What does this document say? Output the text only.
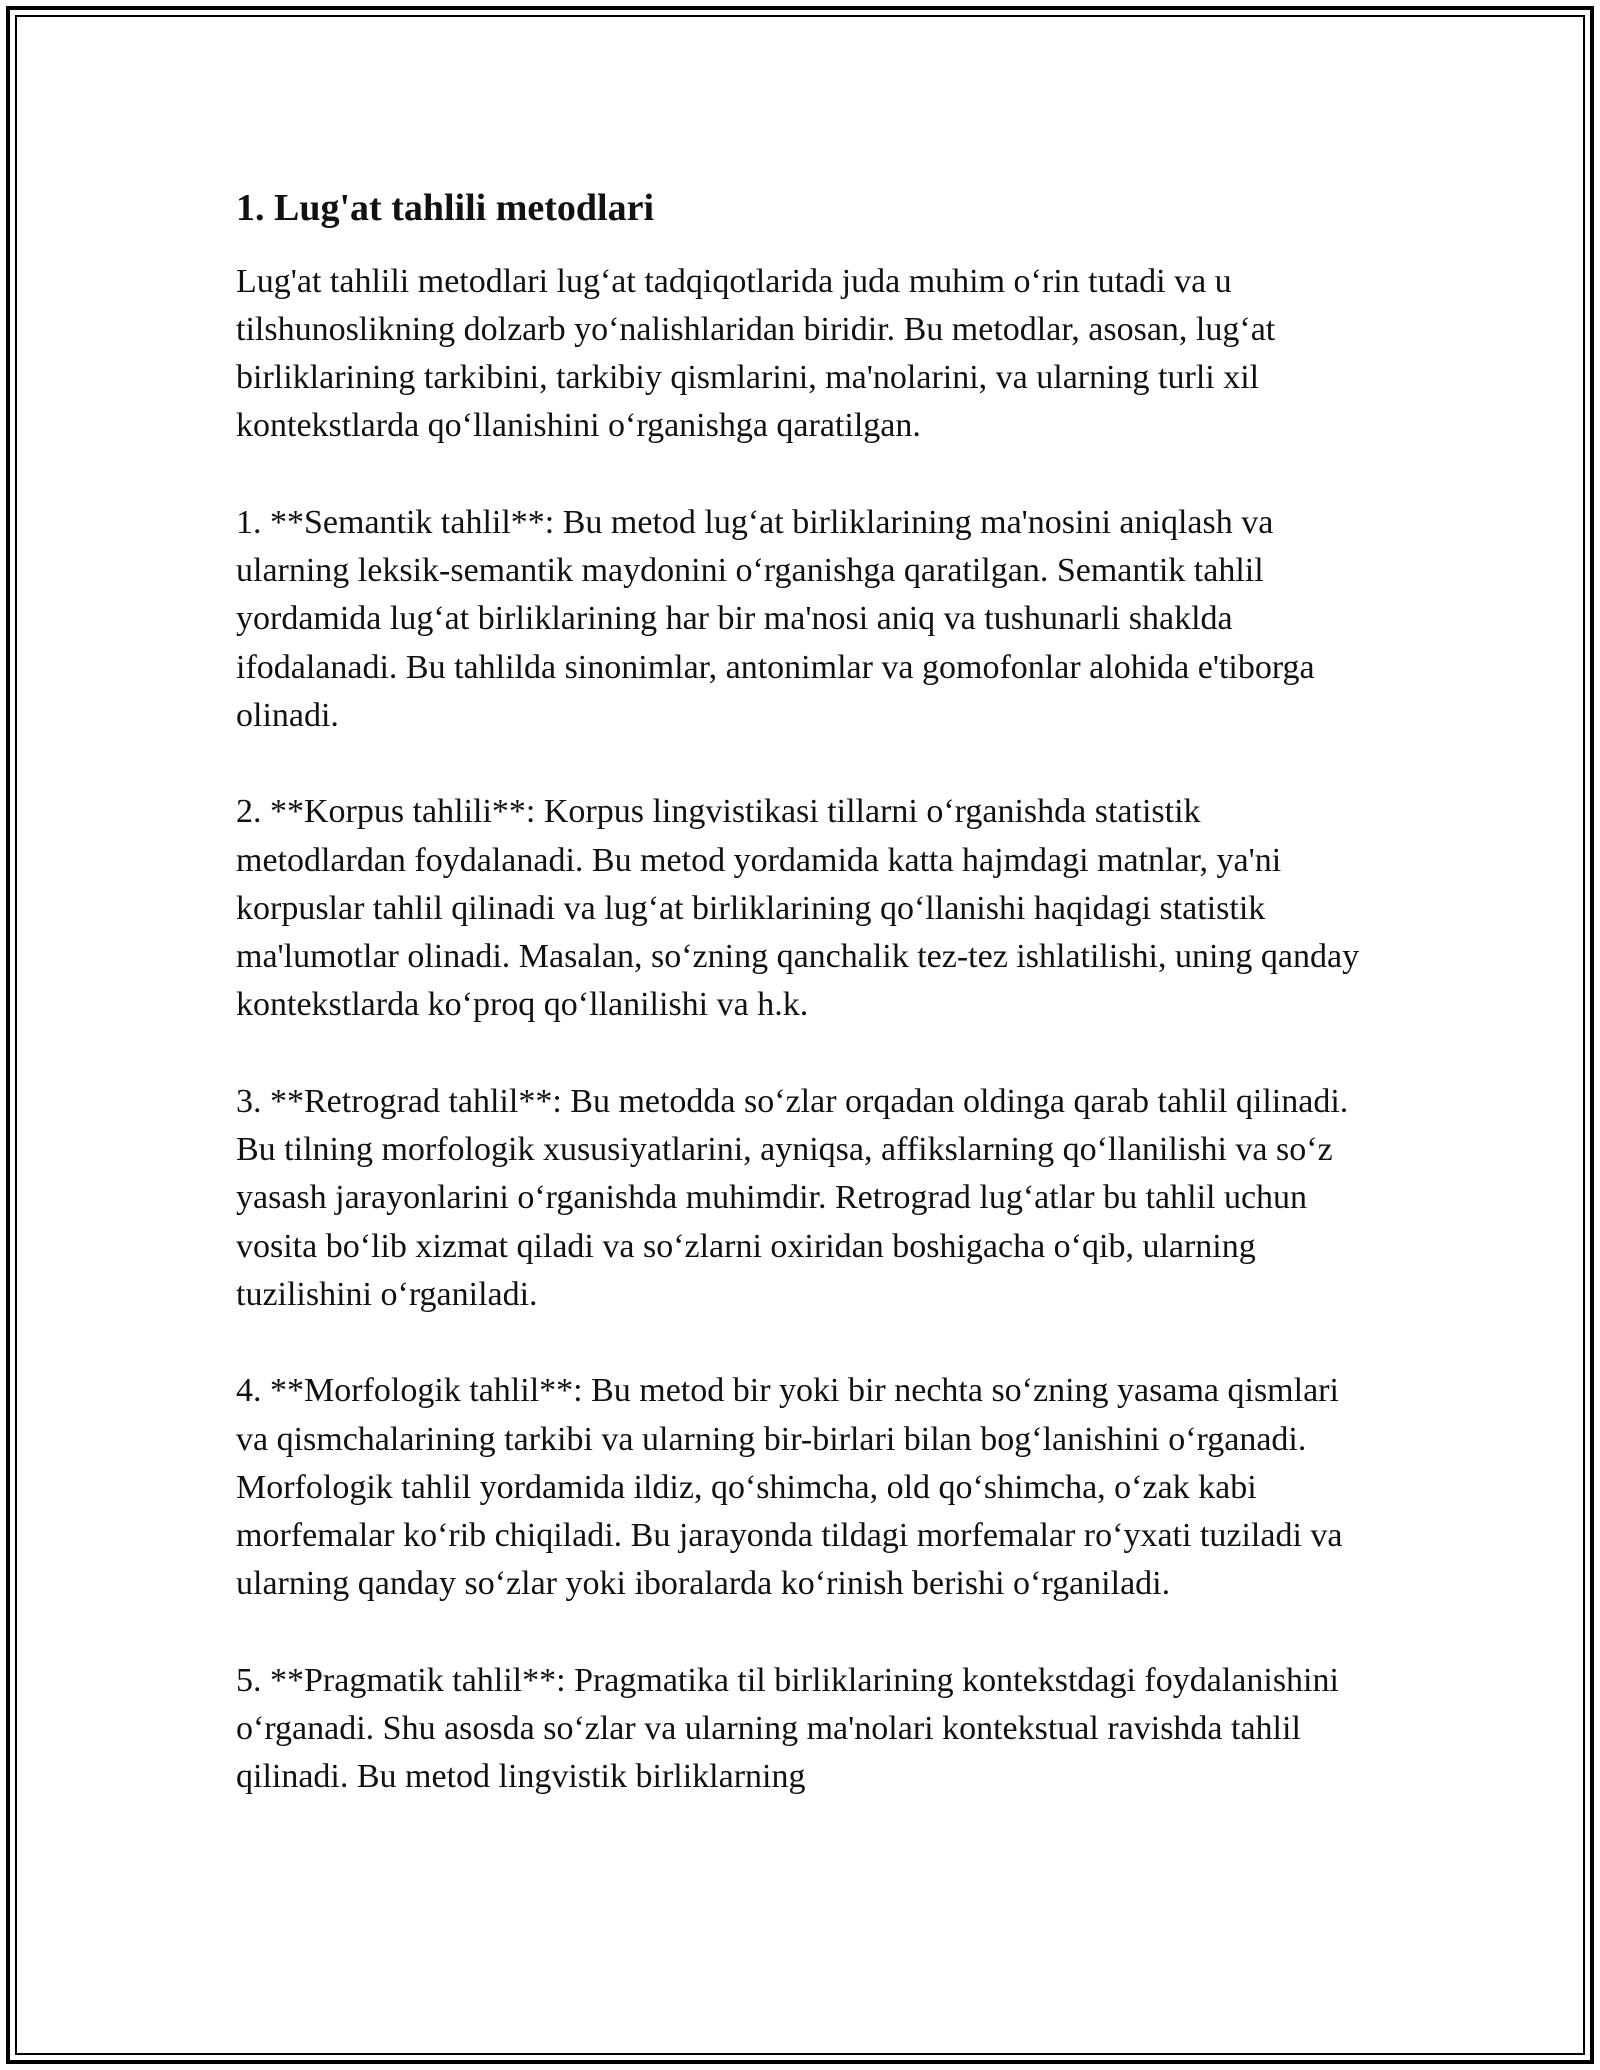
1. Lug'at tahlili metodlari

Lug'at tahlili metodlari lugʻat tadqiqotlarida juda muhim oʻrin tutadi va u tilshunoslikning dolzarb yoʻnalishlaridan biridir. Bu metodlar, asosan, lugʻat birliklarining tarkibini, tarkibiy qismlarini, ma'nolarini, va ularning turli xil kontekstlarda qoʻllanishini oʻrganishga qaratilgan.

1. **Semantik tahlil**: Bu metod lugʻat birliklarining ma'nosini aniqlash va ularning leksik-semantik maydonini oʻrganishga qaratilgan. Semantik tahlil yordamida lugʻat birliklarining har bir ma'nosi aniq va tushunarli shaklda ifodalanadi. Bu tahlilda sinonimlar, antonimlar va gomofonlar alohida e'tiborga olinadi.

2. **Korpus tahlili**: Korpus lingvistikasi tillarni oʻrganishda statistik metodlardan foydalanadi. Bu metod yordamida katta hajmdagi matnlar, ya'ni korpuslar tahlil qilinadi va lugʻat birliklarining qoʻllanishi haqidagi statistik ma'lumotlar olinadi. Masalan, soʻzning qanchalik tez-tez ishlatilishi, uning qanday kontekstlarda koʻproq qoʻllanilishi va h.k.

3. **Retrograd tahlil**: Bu metodda soʻzlar orqadan oldinga qarab tahlil qilinadi. Bu tilning morfologik xususiyatlarini, ayniqsa, affikslarning qoʻllanilishi va soʻz yasash jarayonlarini oʻrganishda muhimdir. Retrograd lugʻatlar bu tahlil uchun vosita boʻlib xizmat qiladi va soʻzlarni oxiridan boshigacha oʻqib, ularning tuzilishini oʻrganiladi.

4. **Morfologik tahlil**: Bu metod bir yoki bir nechta soʻzning yasama qismlari va qismchalarining tarkibi va ularning bir-birlari bilan bogʻlanishini oʻrganadi. Morfologik tahlil yordamida ildiz, qoʻshimcha, old qoʻshimcha, oʻzak kabi morfemalar koʻrib chiqiladi. Bu jarayonda tildagi morfemalar roʻyxati tuziladi va ularning qanday soʻzlar yoki iboralarda koʻrinish berishi oʻrganiladi.

5. **Pragmatik tahlil**: Pragmatika til birliklarining kontekstdagi foydalanishini oʻrganadi. Shu asosda soʻzlar va ularning ma'nolari kontekstual ravishda tahlil qilinadi. Bu metod lingvistik birliklarning
